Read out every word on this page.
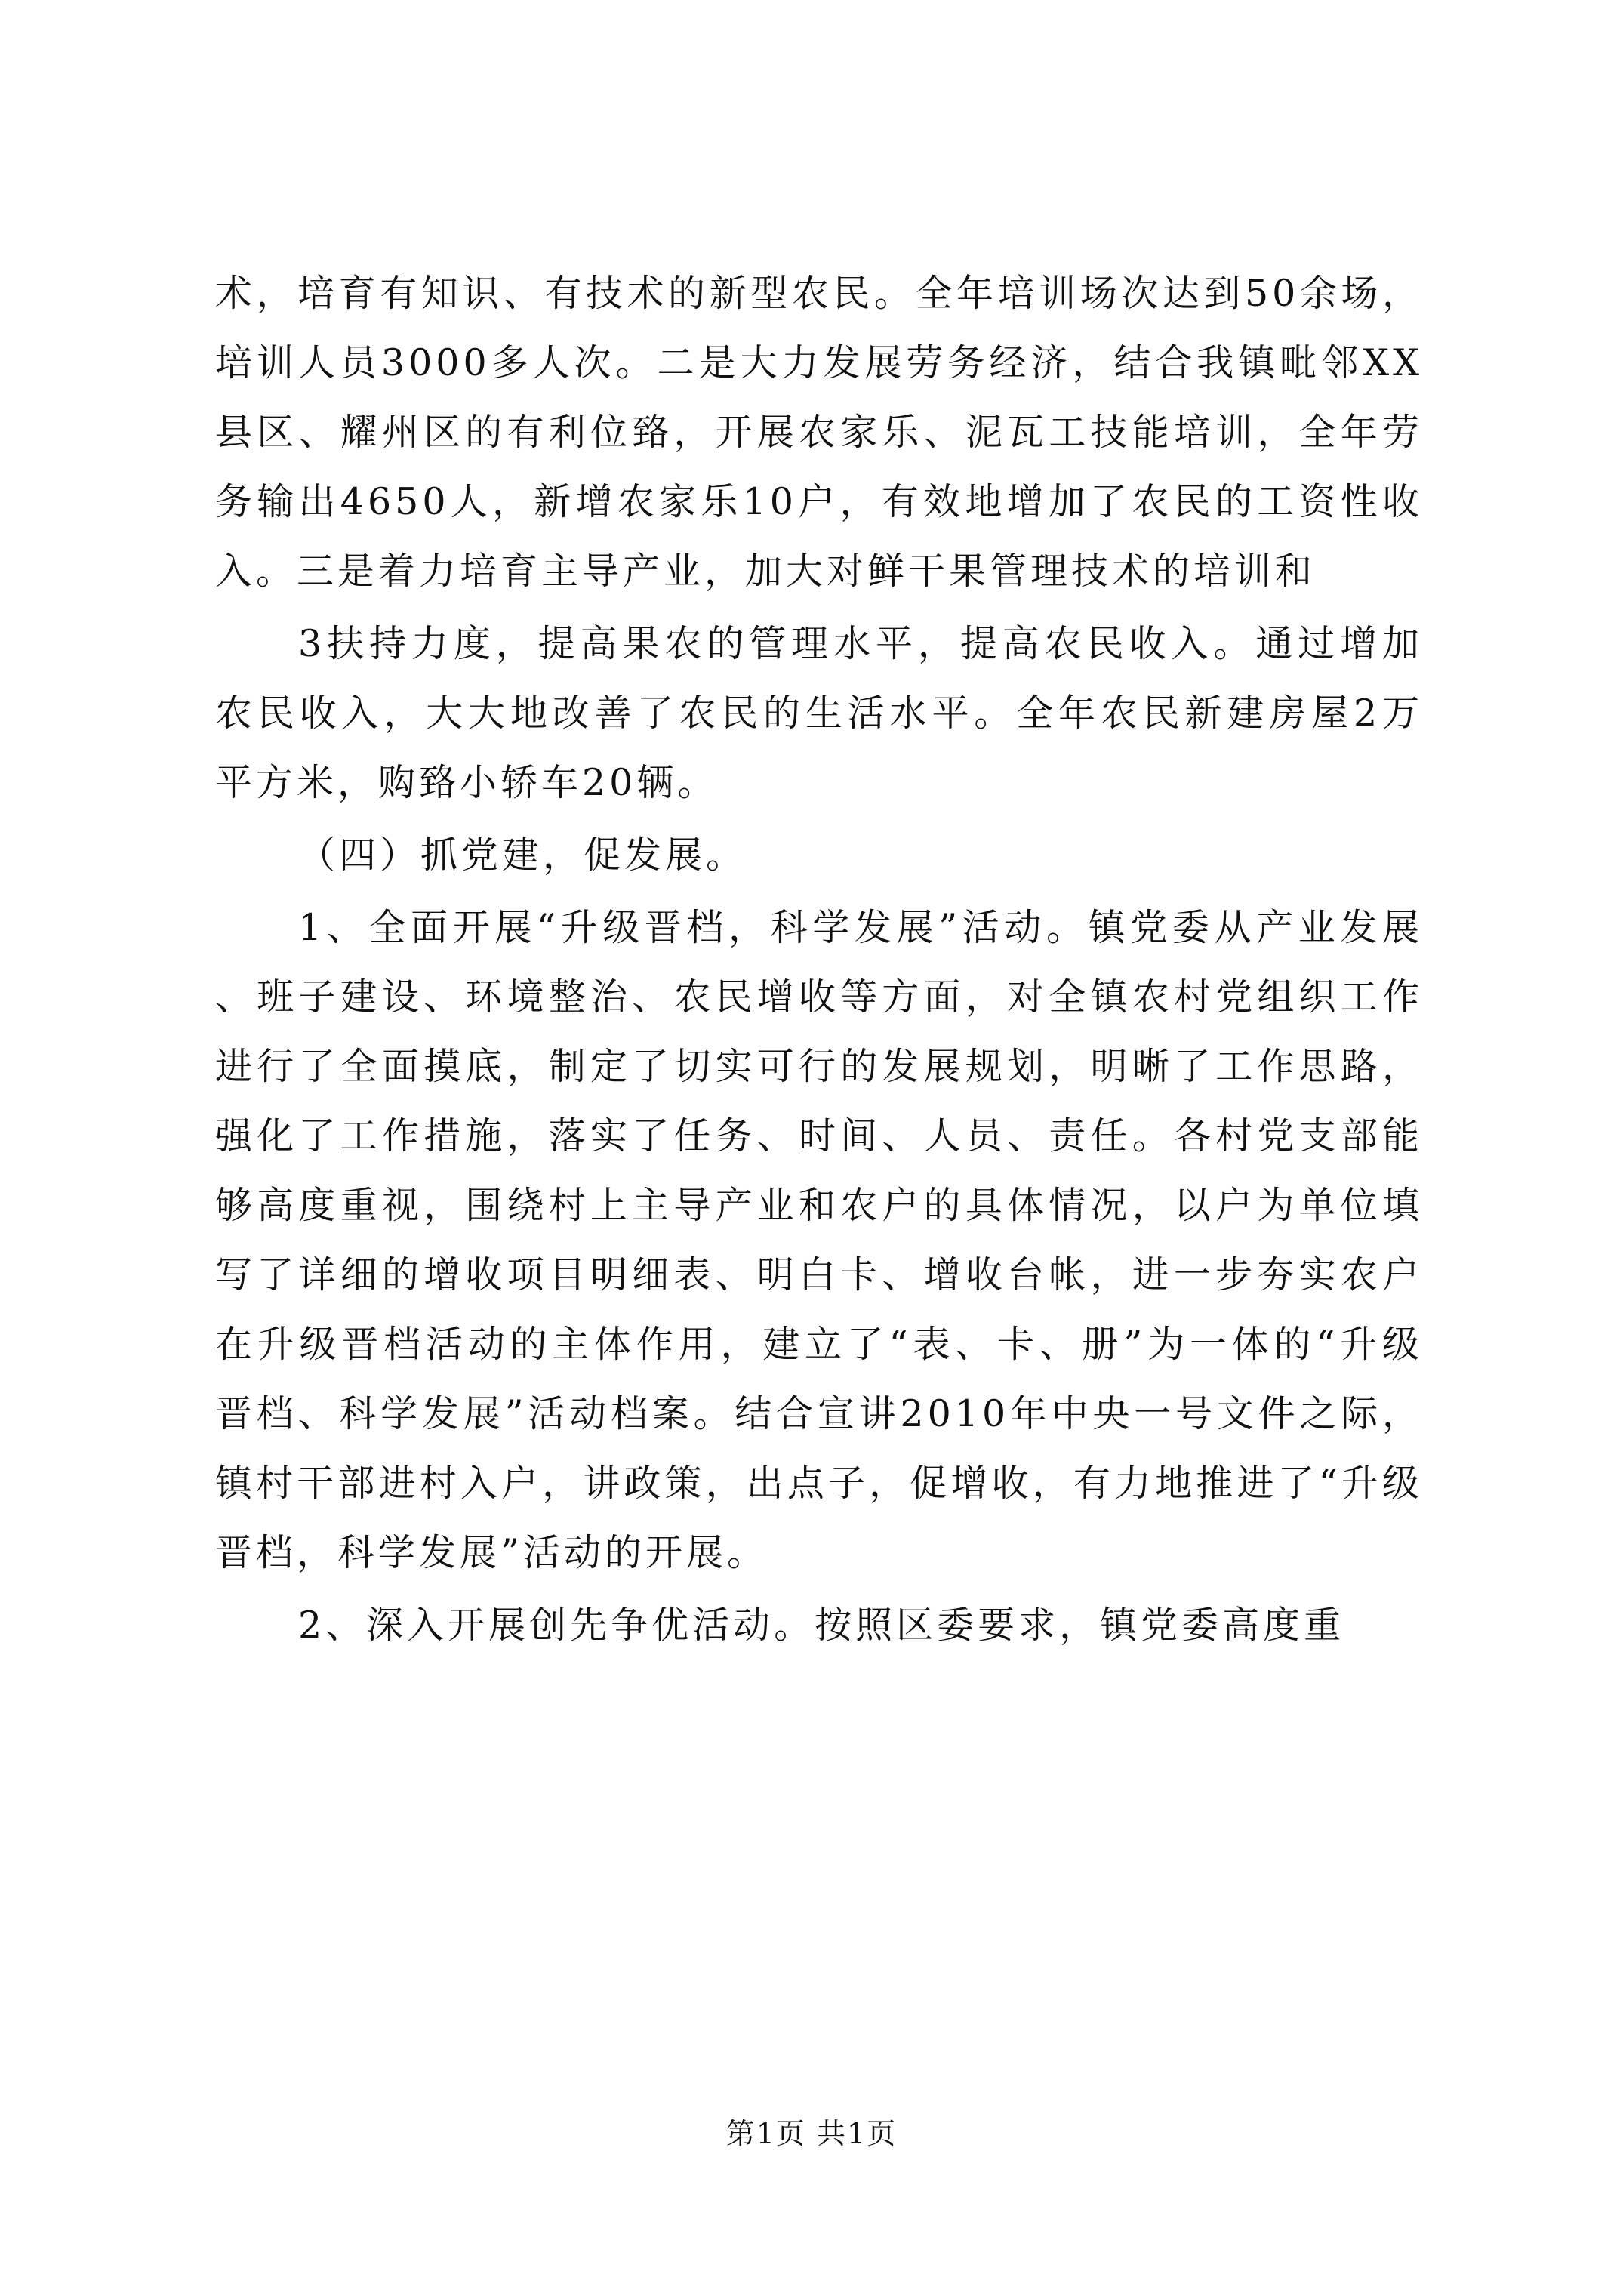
术，培育有知识、有技术的新型农民。全年培训场次达到50余场，培训人员3000多人次。二是大力发展劳务经济，结合我镇毗邻XX县区、耀州区的有利位臵，开展农家乐、泥瓦工技能培训，全年劳务输出4650人，新增农家乐10户，有效地增加了农民的工资性收入。三是着力培育主导产业，加大对鲜干果管理技术的培训和

3扶持力度，提高果农的管理水平，提高农民收入。通过增加农民收入，大大地改善了农民的生活水平。全年农民新建房屋2万平方米，购臵小轿车20辆。

（四）抓党建，促发展。

1、全面开展“升级晋档，科学发展”活动。镇党委从产业发展、班子建设、环境整治、农民增收等方面，对全镇农村党组织工作进行了全面摸底，制定了切实可行的发展规划，明晰了工作思路，强化了工作措施，落实了任务、时间、人员、责任。各村党支部能够高度重视，围绕村上主导产业和农户的具体情况，以户为单位填写了详细的增收项目明细表、明白卡、增收台帐，进一步夯实农户在升级晋档活动的主体作用，建立了“表、卡、册”为一体的“升级晋档、科学发展”活动档案。结合宣讲2010年中央一号文件之际，镇村干部进村入户，讲政策，出点子，促增收，有力地推进了“升级晋档，科学发展”活动的开展。

2、深入开展创先争优活动。按照区委要求，镇党委高度重

第1页 共1页
